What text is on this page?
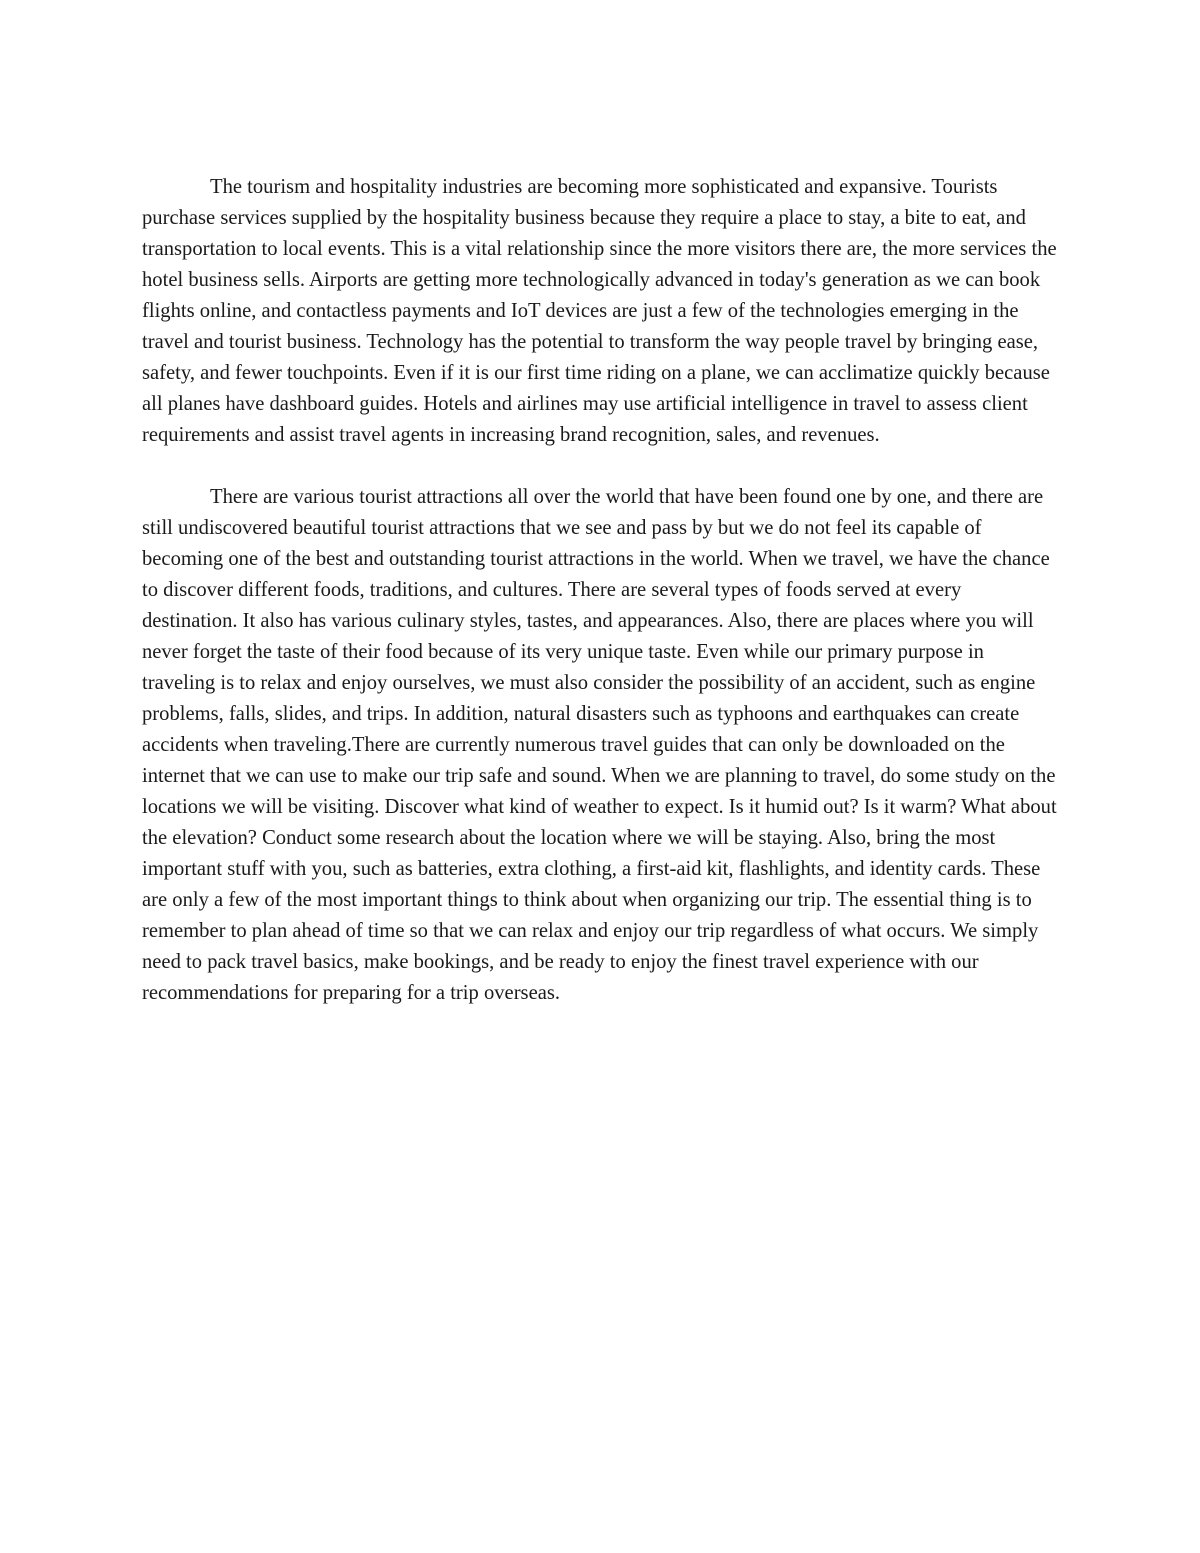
The tourism and hospitality industries are becoming more sophisticated and expansive. Tourists purchase services supplied by the hospitality business because they require a place to stay, a bite to eat, and transportation to local events. This is a vital relationship since the more visitors there are, the more services the hotel business sells. Airports are getting more technologically advanced in today's generation as we can book flights online, and contactless payments and IoT devices are just a few of the technologies emerging in the travel and tourist business. Technology has the potential to transform the way people travel by bringing ease, safety, and fewer touchpoints. Even if it is our first time riding on a plane, we can acclimatize quickly because all planes have dashboard guides. Hotels and airlines may use artificial intelligence in travel to assess client requirements and assist travel agents in increasing brand recognition, sales, and revenues.

There are various tourist attractions all over the world that have been found one by one, and there are still undiscovered beautiful tourist attractions that we see and pass by but we do not feel its capable of becoming one of the best and outstanding tourist attractions in the world. When we travel, we have the chance to discover different foods, traditions, and cultures. There are several types of foods served at every destination. It also has various culinary styles, tastes, and appearances. Also, there are places where you will never forget the taste of their food because of its very unique taste. Even while our primary purpose in traveling is to relax and enjoy ourselves, we must also consider the possibility of an accident, such as engine problems, falls, slides, and trips. In addition, natural disasters such as typhoons and earthquakes can create accidents when traveling.There are currently numerous travel guides that can only be downloaded on the internet that we can use to make our trip safe and sound. When we are planning to travel, do some study on the locations we will be visiting. Discover what kind of weather to expect. Is it humid out? Is it warm? What about the elevation? Conduct some research about the location where we will be staying. Also, bring the most important stuff with you, such as batteries, extra clothing, a first-aid kit, flashlights, and identity cards. These are only a few of the most important things to think about when organizing our trip. The essential thing is to remember to plan ahead of time so that we can relax and enjoy our trip regardless of what occurs. We simply need to pack travel basics, make bookings, and be ready to enjoy the finest travel experience with our recommendations for preparing for a trip overseas.
